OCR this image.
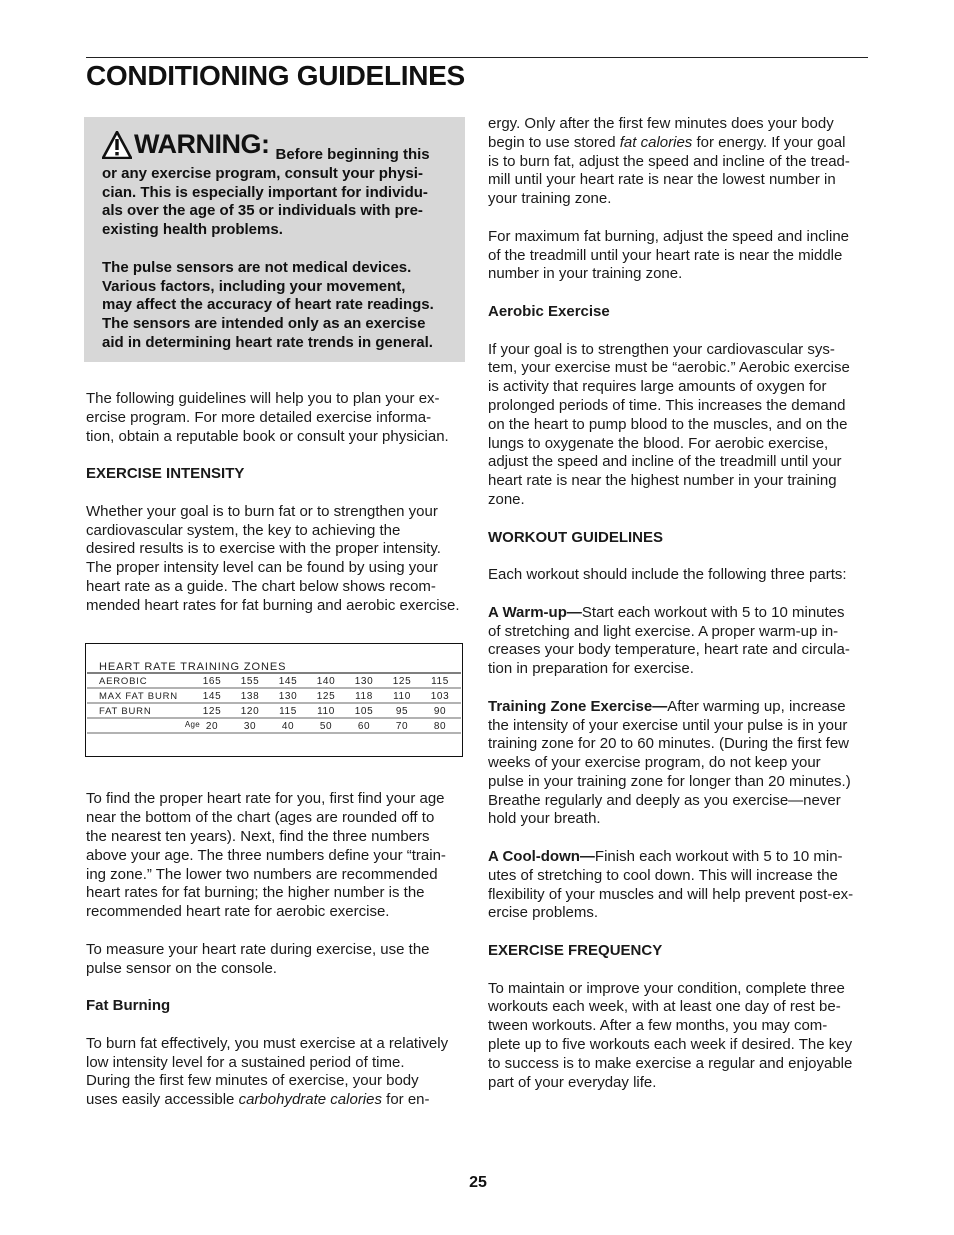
CONDITIONING GUIDELINES

WARNING: Before beginning this
or any exercise program, consult your physi-
cian. This is especially important for individu-
als over the age of 35 or individuals with pre-
existing health problems.

The pulse sensors are not medical devices.
Various factors, including your movement,
may affect the accuracy of heart rate readings.
The sensors are intended only as an exercise
aid in determining heart rate trends in general.

The following guidelines will help you to plan your ex-
ercise program. For more detailed exercise informa-
tion, obtain a reputable book or consult your physician.

EXERCISE INTENSITY

Whether your goal is to burn fat or to strengthen your
cardiovascular system, the key to achieving the
desired results is to exercise with the proper intensity.
The proper intensity level can be found by using your
heart rate as a guide. The chart below shows recom-
mended heart rates for fat burning and aerobic exercise.

To find the proper heart rate for you, first find your age
near the bottom of the chart (ages are rounded off to
the nearest ten years). Next, find the three numbers
above your age. The three numbers define your “train-
ing zone.” The lower two numbers are recommended
heart rates for fat burning; the higher number is the
recommended heart rate for aerobic exercise.

To measure your heart rate during exercise, use the
pulse sensor on the console.

Fat Burning

To burn fat effectively, you must exercise at a relatively
low intensity level for a sustained period of time.
During the first few minutes of exercise, your body
uses easily accessible carbohydrate calories for en-

HEART RATE TRAINING ZONES
AEROBIC	165 155 145 140 130 125 115
MAX FAT BURN 145 138 130 125 118 110 103
FAT BURN	125 120 115 110 105 95	90
Age 20	30	40	50	60	70	80

ergy. Only after the first few minutes does your body
begin to use stored fat calories for energy. If your goal
is to burn fat, adjust the speed and incline of the tread-
mill until your heart rate is near the lowest number in
your training zone.

For maximum fat burning, adjust the speed and incline
of the treadmill until your heart rate is near the middle
number in your training zone.

Aerobic Exercise

If your goal is to strengthen your cardiovascular sys-
tem, your exercise must be “aerobic.” Aerobic exercise
is activity that requires large amounts of oxygen for
prolonged periods of time. This increases the demand
on the heart to pump blood to the muscles, and on the
lungs to oxygenate the blood. For aerobic exercise,
adjust the speed and incline of the treadmill until your
heart rate is near the highest number in your training
zone.

WORKOUT GUIDELINES

Each workout should include the following three parts:

A Warm-up—Start each workout with 5 to 10 minutes
of stretching and light exercise. A proper warm-up in-
creases your body temperature, heart rate and circula-
tion in preparation for exercise.

Training Zone Exercise—After warming up, increase
the intensity of your exercise until your pulse is in your
training zone for 20 to 60 minutes. (During the first few
weeks of your exercise program, do not keep your
pulse in your training zone for longer than 20 minutes.)
Breathe regularly and deeply as you exercise—never
hold your breath.

A Cool-down—Finish each workout with 5 to 10 min-
utes of stretching to cool down. This will increase the
flexibility of your muscles and will help prevent post-ex-
ercise problems.

EXERCISE FREQUENCY

To maintain or improve your condition, complete three
workouts each week, with at least one day of rest be-
tween workouts. After a few months, you may com-
plete up to five workouts each week if desired. The key
to success is to make exercise a regular and enjoyable
part of your everyday life.

25
